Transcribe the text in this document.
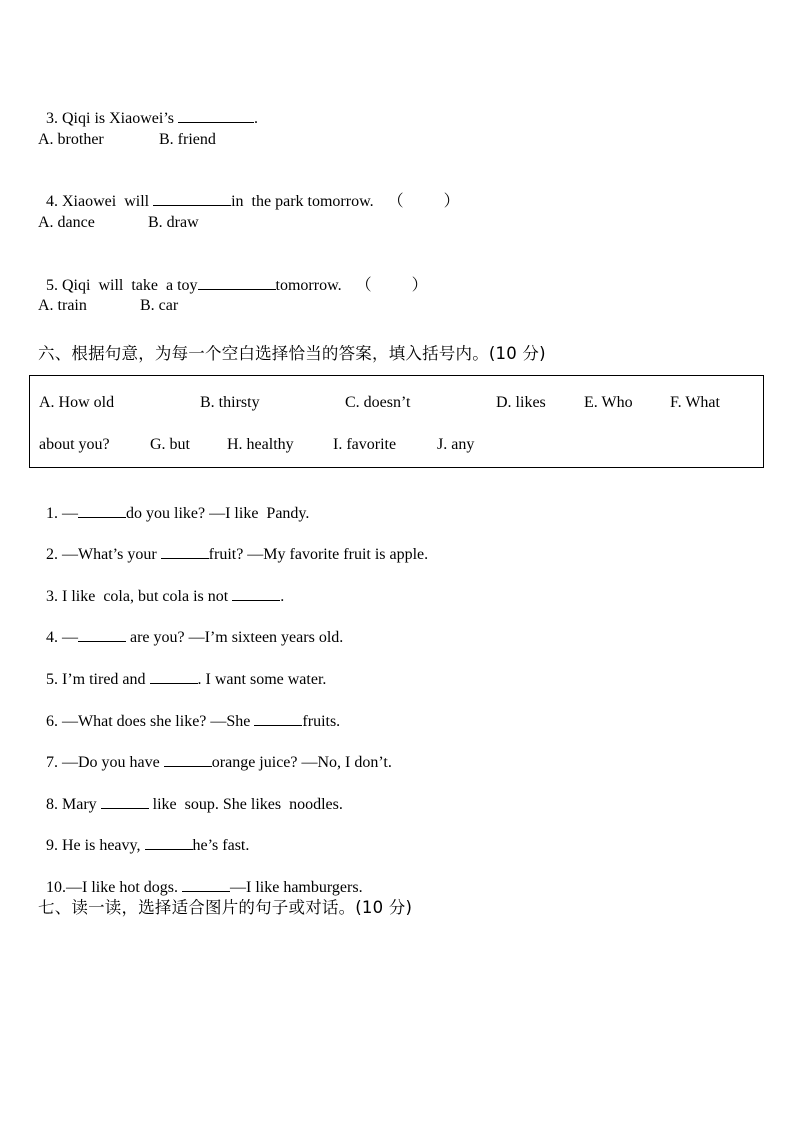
3. Qiqi is Xiaowei’s	.

A. brother	B. friend

4. Xiaowei  will	in  the park tomorrow. （	）

A. dance	B. draw

5. Qiqi  will  take  a toy	tomorrow. （	）

A. train	B. car
六、根据句意，为每一个空白选择恰当的答案，填入括号内。(10 分)
A. How old	B. thirsty	C. doesn’t	D. likes E. Who F. What
about you?	G. but H. healthy I. favorite	J. any

1. —	do you like? —I like  Pandy.

2. —What’s your	fruit? —My favorite fruit is apple.

3. I like  cola, but cola is not	.

4. —	are you? —I’m sixteen years old.

5. I’m tired and	. I want some water.

6. —What does she like? —She	fruits.

7. —Do you have	orange juice? —No, I don’t.

8. Mary	like  soup. She likes  noodles.

9. He is heavy,	he’s fast.

10.—I like hot dogs.	—I like hamburgers.

七、读一读，选择适合图片的句子或对话。(10 分)
